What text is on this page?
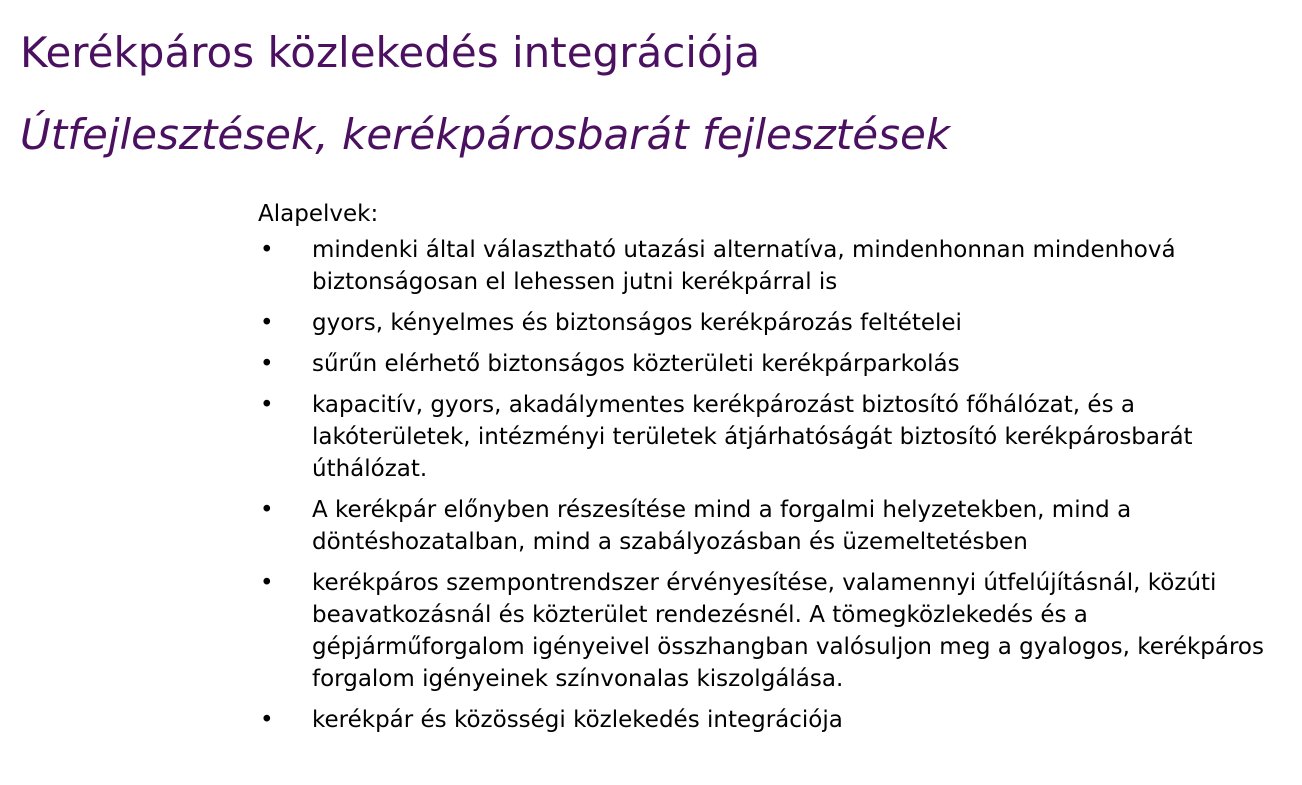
Kerékpáros közlekedés integrációja
Útfejlesztések, kerékpárosbarát fejlesztések
Alapelvek:
• mindenki által választható utazási alternatíva, mindenhonnan mindenhová biztonságosan el lehessen jutni kerékpárral is
• gyors, kényelmes és biztonságos kerékpározás feltételei
• sűrűn elérhető biztonságos közterületi kerékpárparkolás
• kapacitív, gyors, akadálymentes kerékpározást biztosító főhálózat, és a lakóterületek, intézményi területek átjárhatóságát biztosító kerékpárosbarát úthálózat.
• A kerékpár előnyben részesítése mind a forgalmi helyzetekben, mind a döntéshozatalban, mind a szabályozásban és üzemeltetésben
• kerékpáros szempontrendszer érvényesítése, valamennyi útfelújításnál, közúti beavatkozásnál és közterület rendezésnél. A tömegközlekedés és a gépjárműforgalom igényeivel összhangban valósuljon meg a gyalogos, kerékpáros forgalom igényeinek színvonalas kiszolgálása.
• kerékpár és közösségi közlekedés integrációja
